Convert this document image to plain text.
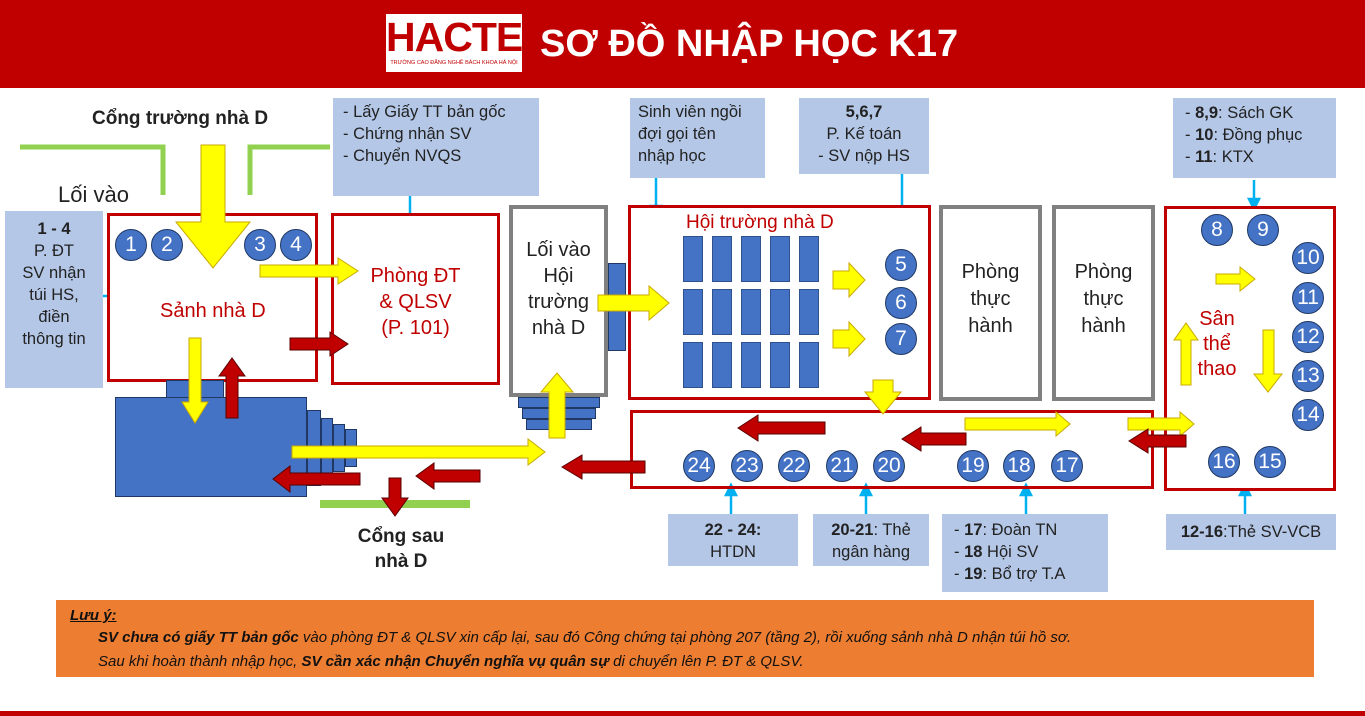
HACTECH
TRƯỜNG CAO ĐẲNG NGHỀ BÁCH KHOA HÀ NỘI SƠ ĐỒ NHẬP HỌC K17
Cổng trường nhà D
Lối vào
Cổng sau
nhà D
1 - 4
P. ĐT
SV nhận
túi HS,
điền
thông tin
- Lấy Giấy TT bản gốc
- Chứng nhận SV
- Chuyển NVQS
Sinh viên ngồi
đợi gọi tên
nhập học
5,6,7
P. Kế toán
- SV nộp HS
- 8,9: Sách GK
- 10: Đồng phục
- 11: KTX
22 - 24:
HTDN
20-21: Thẻ
ngân hàng
- 17: Đoàn TN
- 18 Hội SV
- 19: Bổ trợ T.A
12-16:Thẻ SV-VCB
Sảnh nhà D
Phòng ĐT
& QLSV
(P. 101)
Lối vào
Hội
trường
nhà D
Hội trường nhà D
Phòng
thực
hành
Phòng
thực
hành	Sân
thể
thao
1	2	3	4
5
6
7
8	9
10
11
12
13
14
15
16
17
18
19
20
21
22
23
24
Lưu ý:
SV chưa có giấy TT bản gốc vào phòng ĐT & QLSV xin cấp lại, sau đó Công chứng tại phòng 207 (tầng 2), rồi xuống sảnh nhà D nhận túi hồ sơ.
Sau khi hoàn thành nhập học, SV cần xác nhận Chuyển nghĩa vụ quân sự di chuyển lên P. ĐT & QLSV.
